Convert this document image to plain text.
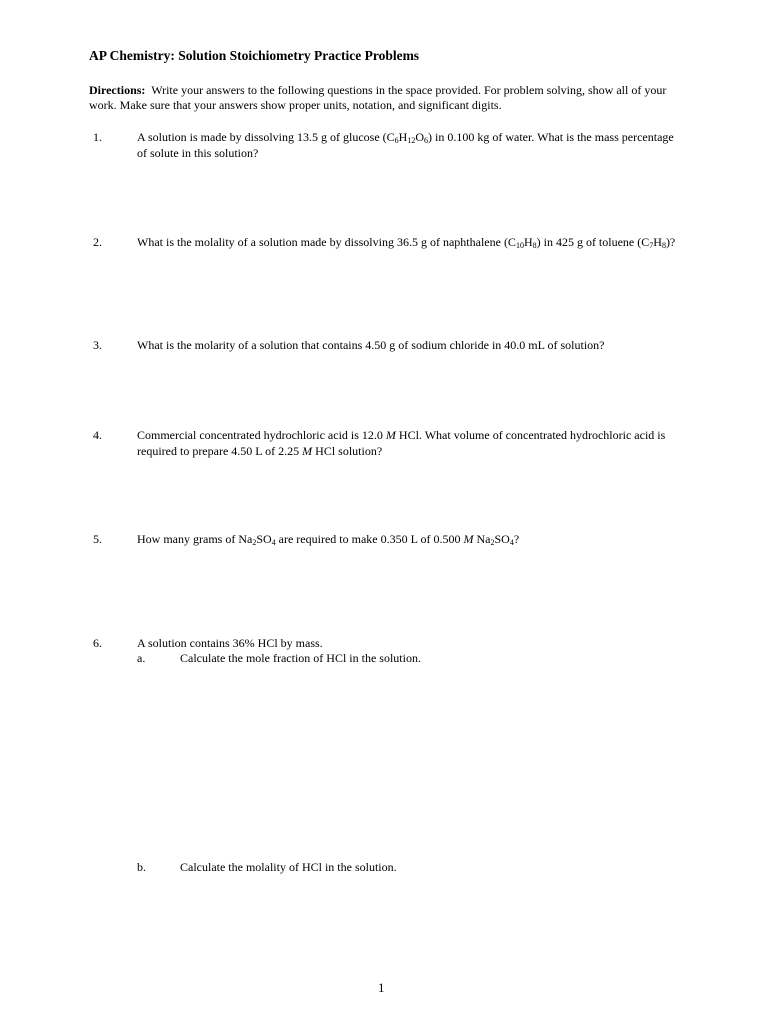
AP Chemistry: Solution Stoichiometry Practice Problems
Directions: Write your answers to the following questions in the space provided. For problem solving, show all of your work. Make sure that your answers show proper units, notation, and significant digits.
1.	A solution is made by dissolving 13.5 g of glucose $(C_6H_{12}O_6)$ in 0.100 kg of water. What is the mass percentage of solute in this solution?
2.	What is the molality of a solution made by dissolving 36.5 g of naphthalene $(C_{10}H_8)$ in 425 g of toluene $(C_7H_8)$?
3.	What is the molarity of a solution that contains 4.50 g of sodium chloride in 40.0 mL of solution?
4.	Commercial concentrated hydrochloric acid is 12.0 M HCl. What volume of concentrated hydrochloric acid is required to prepare 4.50 L of 2.25 M HCl solution?
5.	How many grams of $Na_2SO_4$ are required to make 0.350 L of 0.500 M $Na_2SO_4$?
6.	A solution contains 36% HCl by mass.
a.	Calculate the mole fraction of HCl in the solution.
b.	Calculate the molality of HCl in the solution.
1
